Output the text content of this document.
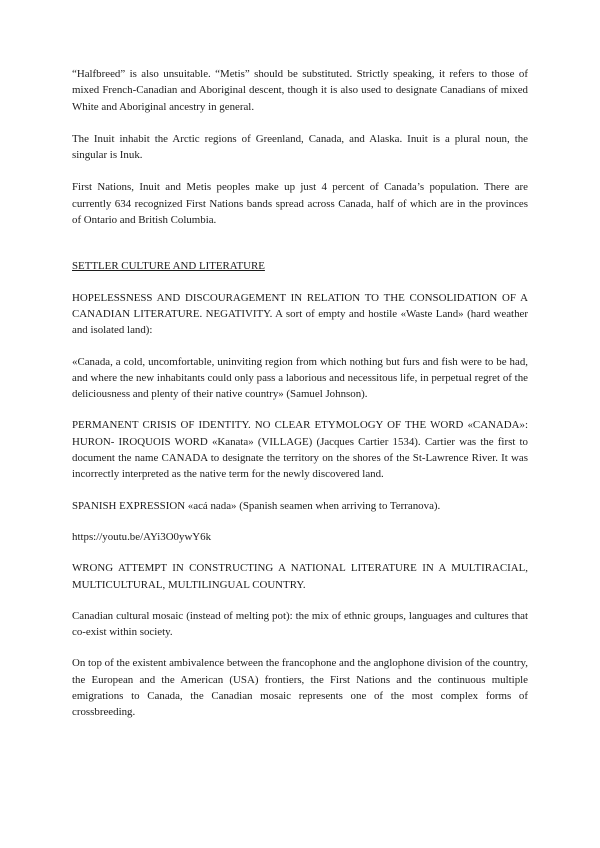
“Halfbreed” is also unsuitable. “Metis” should be substituted. Strictly speaking, it refers to those of mixed French-Canadian and Aboriginal descent, though it is also used to designate Canadians of mixed White and Aboriginal ancestry in general.

The Inuit inhabit the Arctic regions of Greenland, Canada, and Alaska. Inuit is a plural noun, the singular is Inuk.

First Nations, Inuit and Metis peoples make up just 4 percent of Canada’s population. There are currently 634 recognized First Nations bands spread across Canada, half of which are in the provinces of Ontario and British Columbia.

SETTLER CULTURE AND LITERATURE

HOPELESSNESS AND DISCOURAGEMENT IN RELATION TO THE CONSOLIDATION OF A CANADIAN LITERATURE. NEGATIVITY. A sort of empty and hostile «Waste Land» (hard weather and isolated land):

«Canada, a cold, uncomfortable, uninviting region from which nothing but furs and fish were to be had, and where the new inhabitants could only pass a laborious and necessitous life, in perpetual regret of the deliciousness and plenty of their native country» (Samuel Johnson).

PERMANENT CRISIS OF IDENTITY. NO CLEAR ETYMOLOGY OF THE WORD «CANADA»: HURON- IROQUOIS WORD «Kanata» (VILLAGE) (Jacques Cartier 1534). Cartier was the first to document the name CANADA to designate the territory on the shores of the St-Lawrence River. It was incorrectly interpreted as the native term for the newly discovered land.

SPANISH EXPRESSION «acá nada» (Spanish seamen when arriving to Terranova).

https://youtu.be/AYi3O0ywY6k

WRONG ATTEMPT IN CONSTRUCTING A NATIONAL LITERATURE IN A MULTIRACIAL, MULTICULTURAL, MULTILINGUAL COUNTRY.

Canadian cultural mosaic (instead of melting pot): the mix of ethnic groups, languages and cultures that co-exist within society.

On top of the existent ambivalence between the francophone and the anglophone division of the country, the European and the American (USA) frontiers, the First Nations and the continuous multiple emigrations to Canada, the Canadian mosaic represents one of the most complex forms of crossbreeding.
